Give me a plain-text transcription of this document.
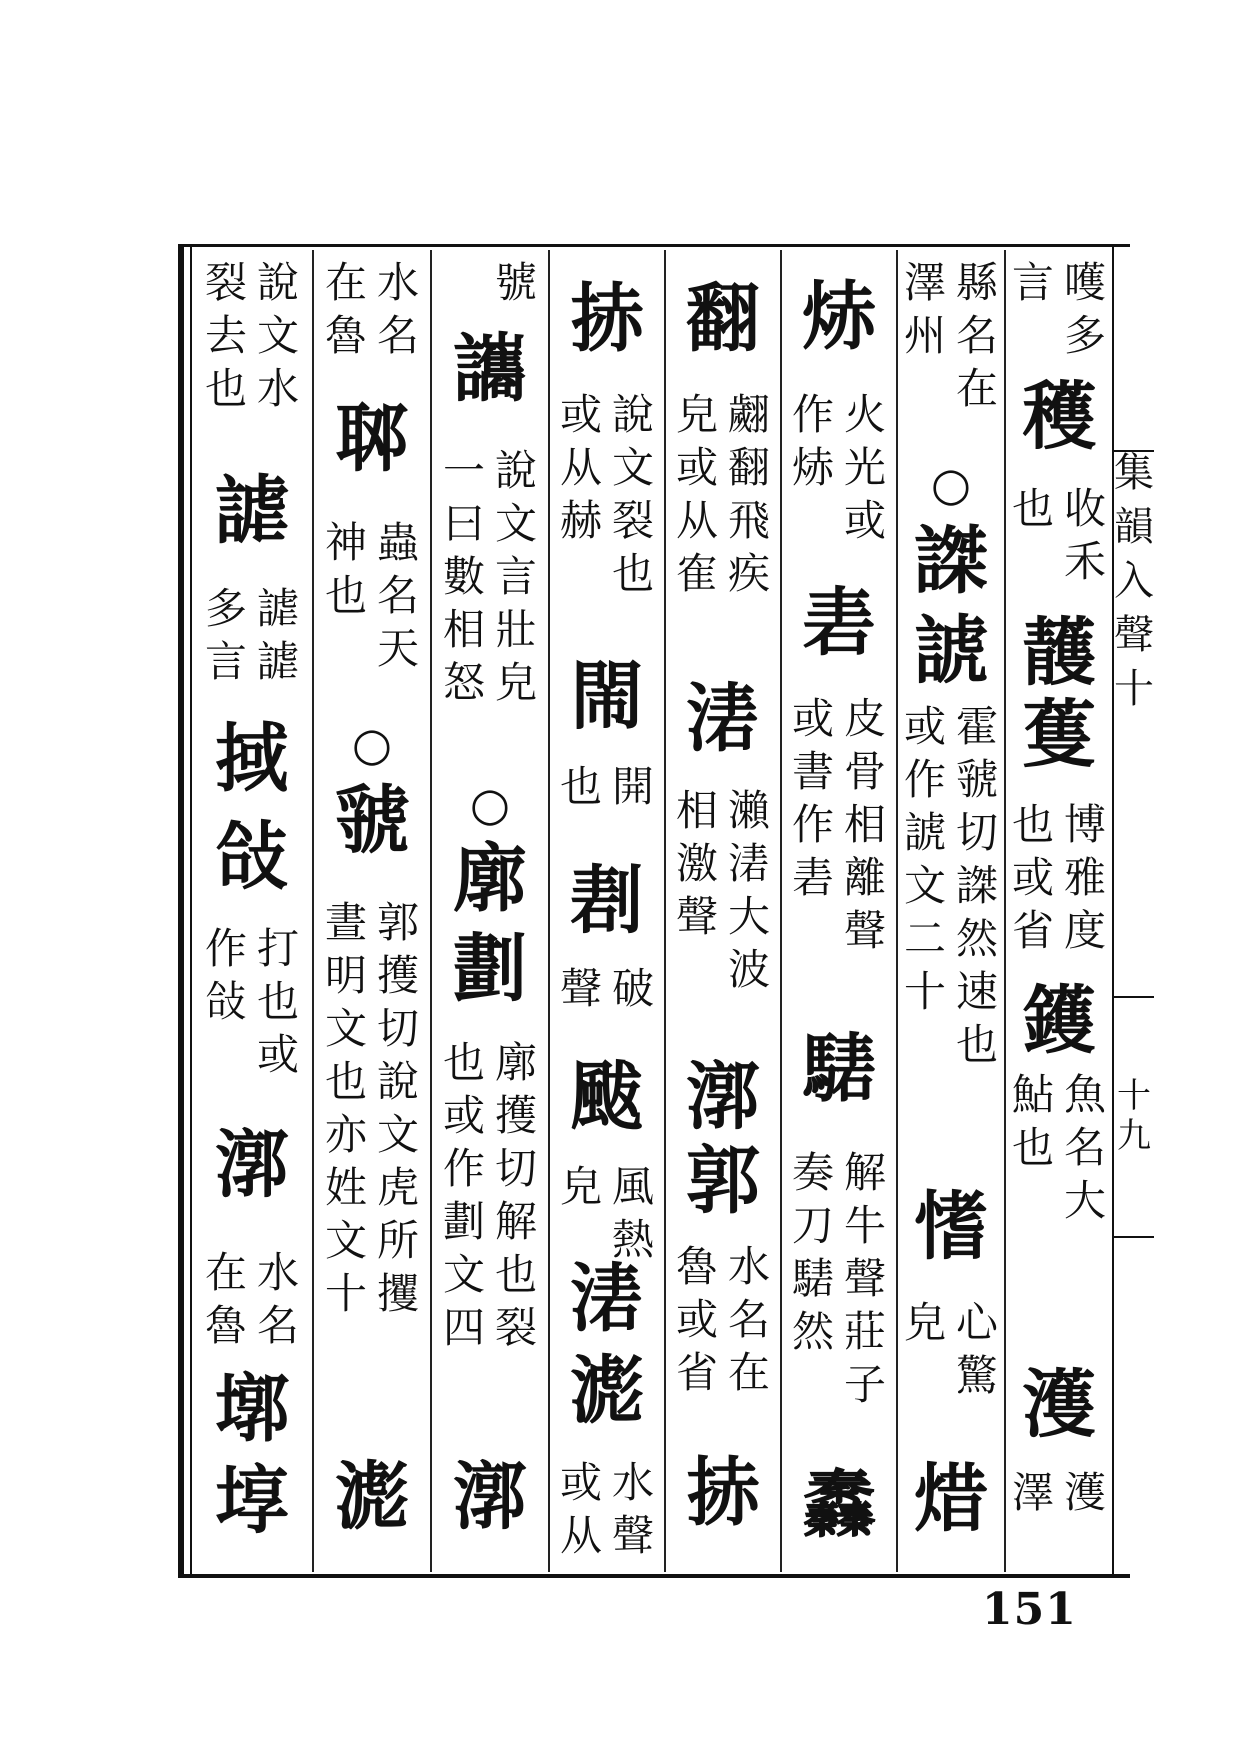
嚄多
言
穫
收禾
也
䨼
蒦
博雅度
也或省
鑊
魚名大
鮎也
濩
濩
澤
縣名在
澤州
○
謋
諕
霍虢切謋然速也
或作諕文二十
愭
心驚
皃
焟
焃
火光或
作焃
砉
皮骨相離聲
或書作砉
騞
解牛聲莊子
奏刀騞然
䆐
翻
翽翻飛疾
皃或从隺
湱
瀨湱大波
相激聲
漷
郭
水名在
魯或省
捇
捇
說文裂也
或从赫
閙
開
也
剨
破
聲
颰
風熱
皃
湱
滮
水聲
或从
號
讗
說文言壯皃
一曰數相怒
○
廓
劃
廓擭切解也裂
也或作劃文四
漷
水名
在魯
郰
蟲名天
神也
○
虢
郭擭切說文虎所攫
晝明文也亦姓文十
滮
說文水
裂去也
謔
謔謔
多言
掝
敆
打也或
作敆
漷
水名
在魯
墎
埻
集韻入聲十
十九
151
